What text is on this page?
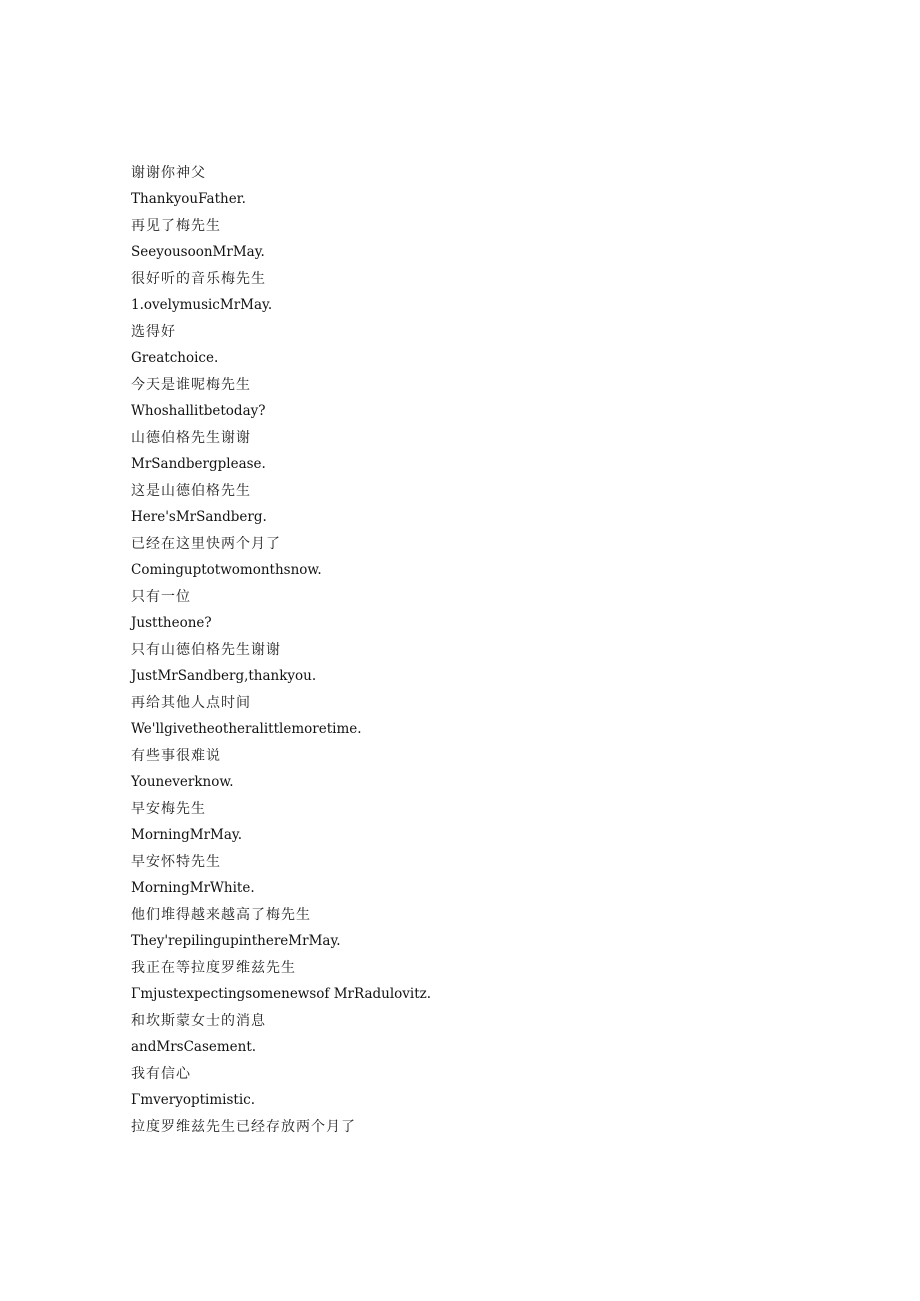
谢谢你神父
ThankyouFather.
再见了梅先生
SeeyousoonMrMay.
很好听的音乐梅先生
1.ovelymusicMrMay.
选得好
Greatchoice.
今天是谁呢梅先生
Whoshallitbetoday?
山德伯格先生谢谢
MrSandbergplease.
这是山德伯格先生
Here'sMrSandberg.
已经在这里快两个月了
Cominguptotwomonthsnow.
只有一位
Justtheone?
只有山德伯格先生谢谢
JustMrSandberg,thankyou.
再给其他人点时间
We'llgivetheotheralittlemoretime.
有些事很难说
Youneverknow.
早安梅先生
MorningMrMay.
早安怀特先生
MorningMrWhite.
他们堆得越来越高了梅先生
They'repilingupinthereMrMay.
我正在等拉度罗维兹先生
Γmjustexpectingsomenewsof MrRadulovitz.
和坎斯蒙女士的消息
andMrsCasement.
我有信心
Γmveryoptimistic.
拉度罗维兹先生已经存放两个月了
